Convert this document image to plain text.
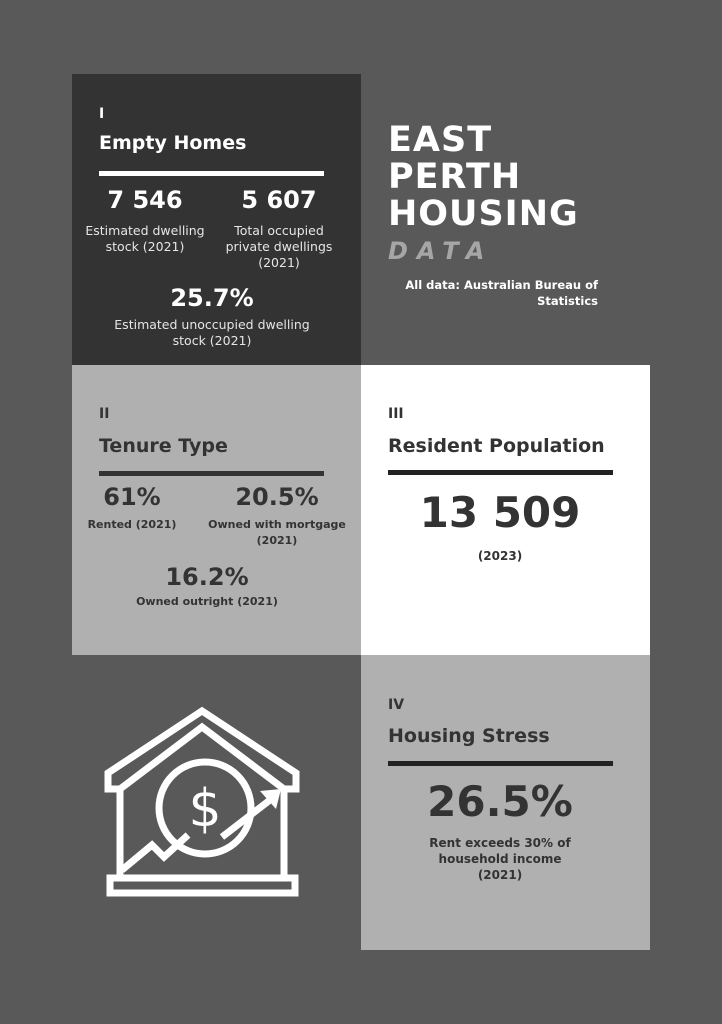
I
Empty Homes
7 546
Estimated dwelling stock (2021)
5 607
Total occupied private dwellings (2021)
25.7%
Estimated unoccupied dwelling stock (2021)
EAST
PERTH
HOUSING
DATA
All data: Australian Bureau of Statistics
II
Tenure Type
61%
Rented (2021)
20.5%
Owned with mortgage (2021)
16.2%
Owned outright (2021)
III
Resident Population
13 509
(2023)
IV
Housing Stress
26.5%
Rent exceeds 30% of household income (2021)
$
